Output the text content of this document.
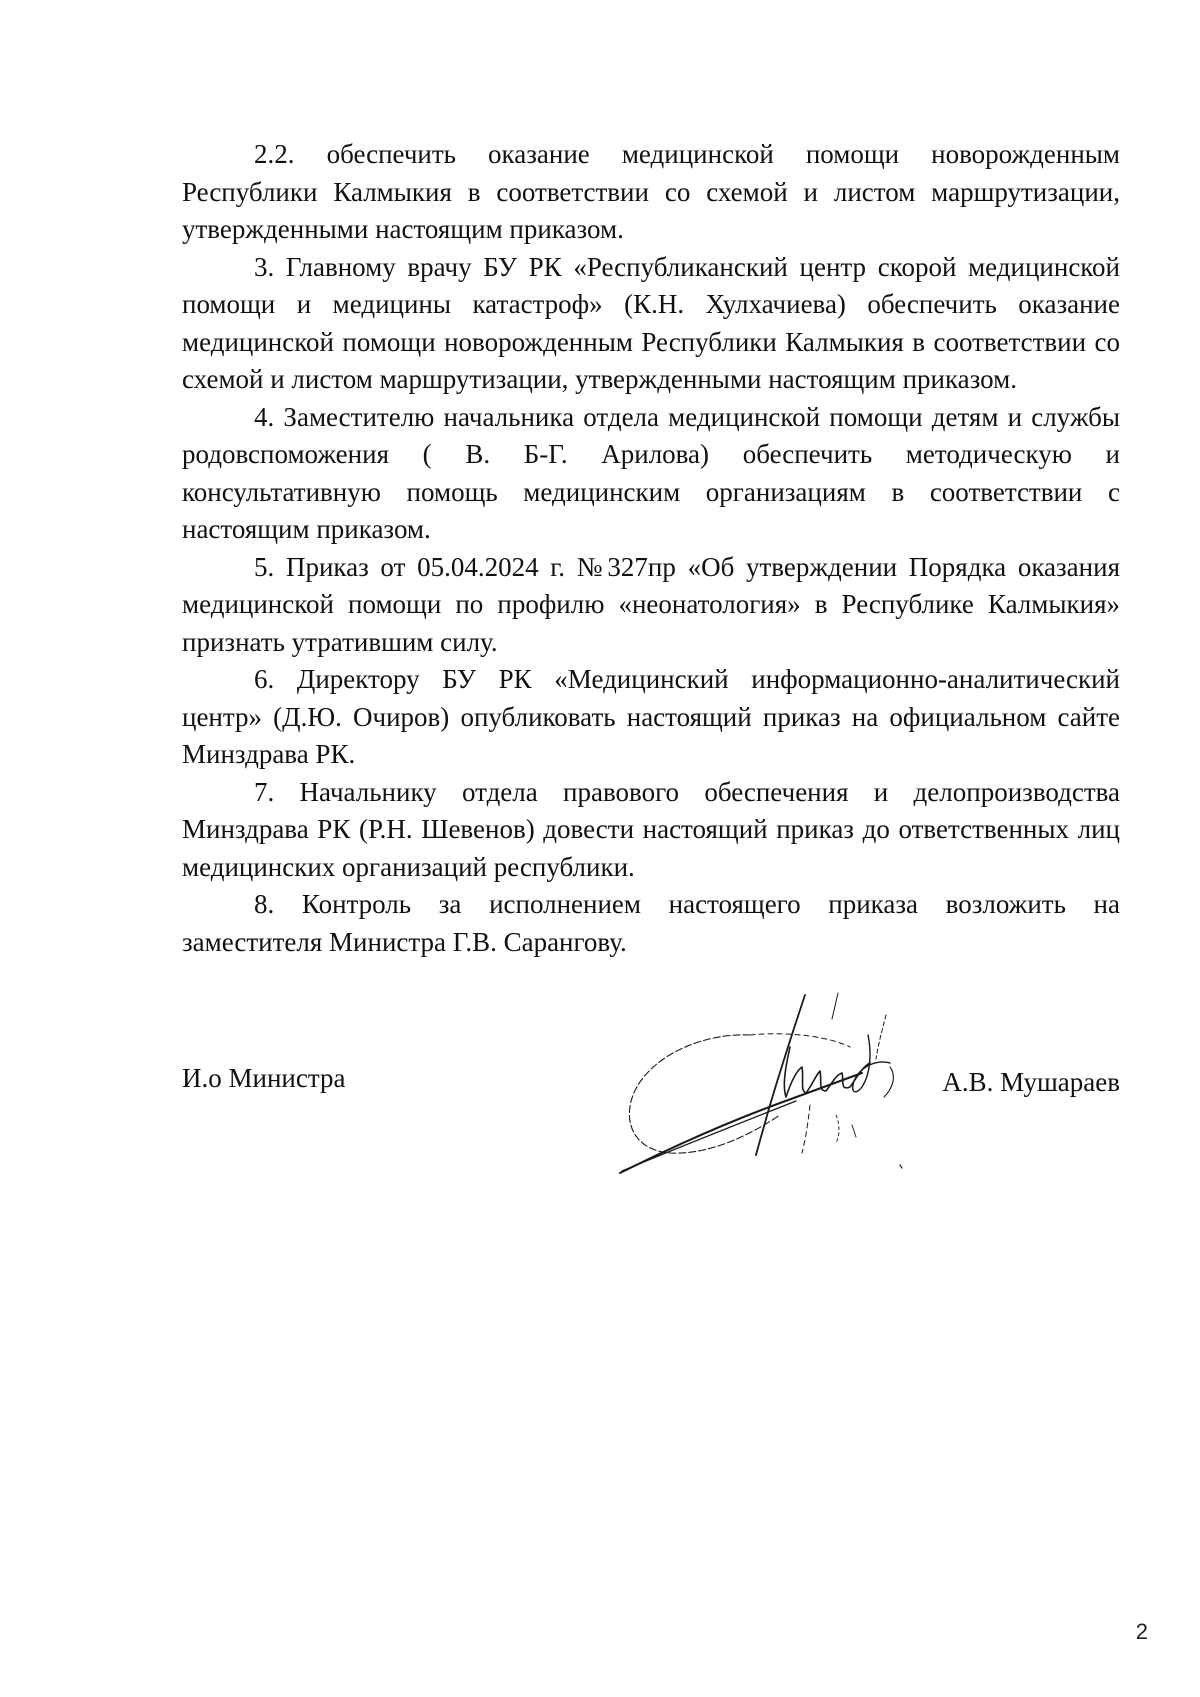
2.2. обеспечить оказание медицинской помощи новорожденным Республики Калмыкия в соответствии со схемой и листом маршрутизации, утвержденными настоящим приказом.

3. Главному врачу БУ РК «Республиканский центр скорой медицинской помощи и медицины катастроф» (К.Н. Хулхачиева) обеспечить оказание медицинской помощи новорожденным Республики Калмыкия в соответствии со схемой и листом маршрутизации, утвержденными настоящим приказом.

4. Заместителю начальника отдела медицинской помощи детям и службы родовспоможения ( В. Б-Г. Арилова) обеспечить методическую и консультативную помощь медицинским организациям в соответствии с настоящим приказом.

5. Приказ от 05.04.2024 г. №327пр «Об утверждении Порядка оказания медицинской помощи по профилю «неонатология» в Республике Калмыкия» признать утратившим силу.

6. Директору БУ РК «Медицинский информационно-аналитический центр» (Д.Ю. Очиров) опубликовать настоящий приказ на официальном сайте Минздрава РК.

7. Начальнику отдела правового обеспечения и делопроизводства Минздрава РК (Р.Н. Шевенов) довести настоящий приказ до ответственных лиц медицинских организаций республики.

8. Контроль за исполнением настоящего приказа возложить на заместителя Министра Г.В. Сарангову.

И.о Министра	А.В. Мушараев
2
